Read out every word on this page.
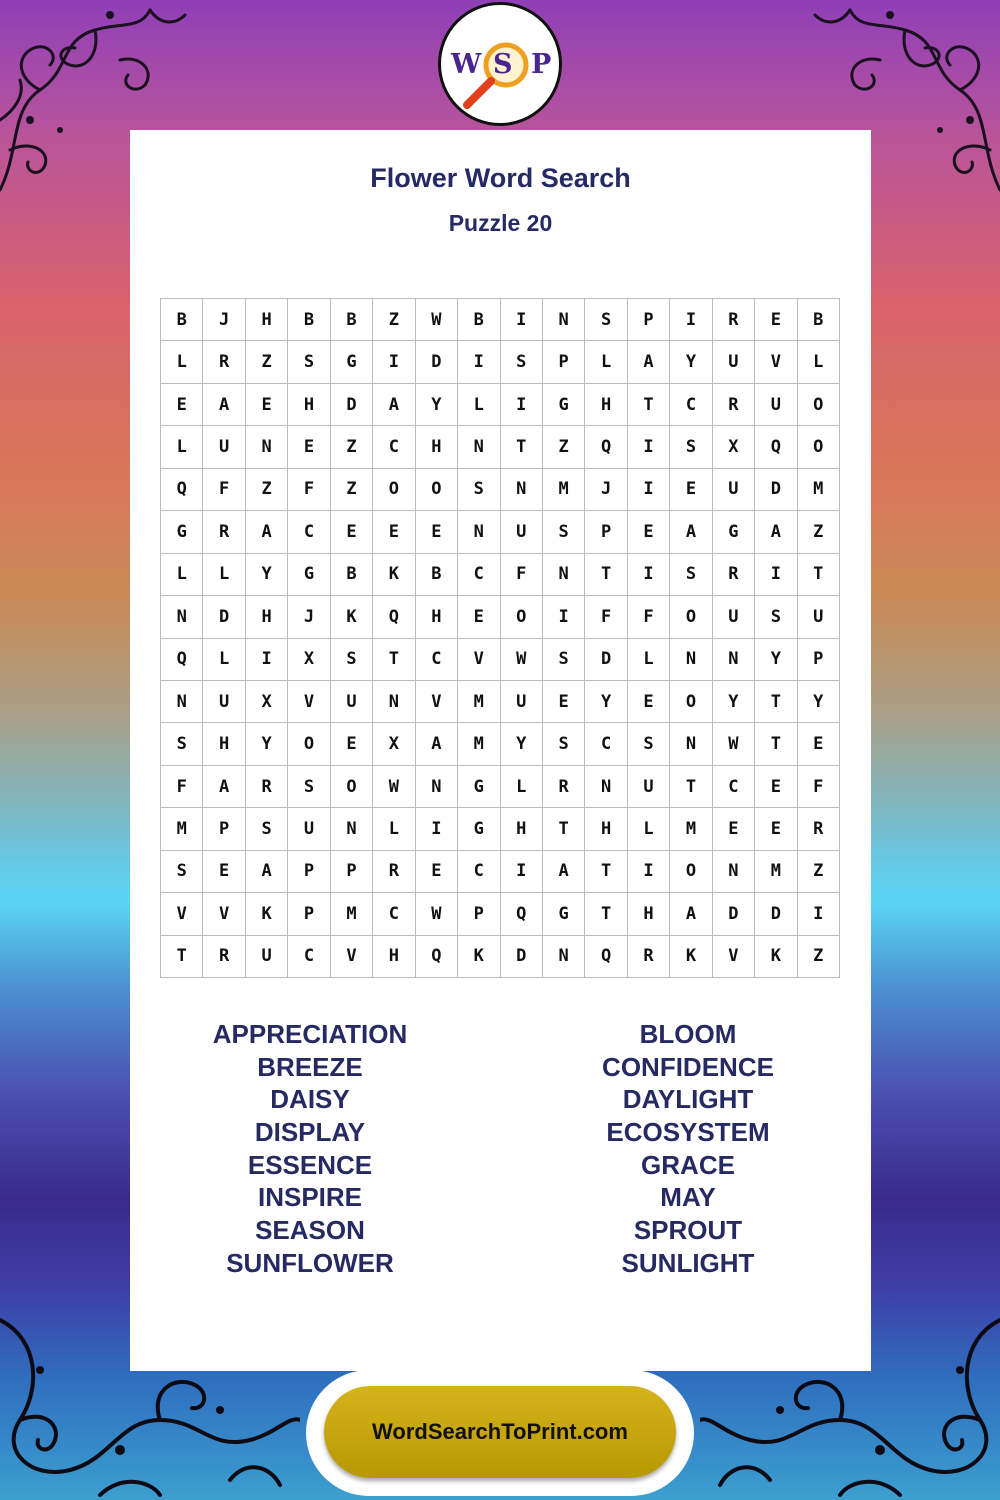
W S P
Flower Word Search
Puzzle 20
B	J	H	B	B	Z	W	B	I	N	S	P	I	R	E	B
L	R	Z	S	G	I	D	I	S	P	L	A	Y	U	V	L
E	A	E	H	D	A	Y	L	I	G	H	T	C	R	U	O
L	U	N	E	Z	C	H	N	T	Z	Q	I	S	X	Q	O
Q	F	Z	F	Z	O	O	S	N	M	J	I	E	U	D	M
G	R	A	C	E	E	E	N	U	S	P	E	A	G	A	Z
L	L	Y	G	B	K	B	C	F	N	T	I	S	R	I	T
N	D	H	J	K	Q	H	E	O	I	F	F	O	U	S	U
Q	L	I	X	S	T	C	V	W	S	D	L	N	N	Y	P
N	U	X	V	U	N	V	M	U	E	Y	E	O	Y	T	Y
S	H	Y	O	E	X	A	M	Y	S	C	S	N	W	T	E
F	A	R	S	O	W	N	G	L	R	N	U	T	C	E	F
M	P	S	U	N	L	I	G	H	T	H	L	M	E	E	R
S	E	A	P	P	R	E	C	I	A	T	I	O	N	M	Z
V	V	K	P	M	C	W	P	Q	G	T	H	A	D	D	I
T	R	U	C	V	H	Q	K	D	N	Q	R	K	V	K	Z
APPRECIATION
BREEZE
DAISY
DISPLAY
ESSENCE
INSPIRE
SEASON
SUNFLOWER
BLOOM
CONFIDENCE
DAYLIGHT
ECOSYSTEM
GRACE
MAY
SPROUT
SUNLIGHT
WordSearchToPrint.com
